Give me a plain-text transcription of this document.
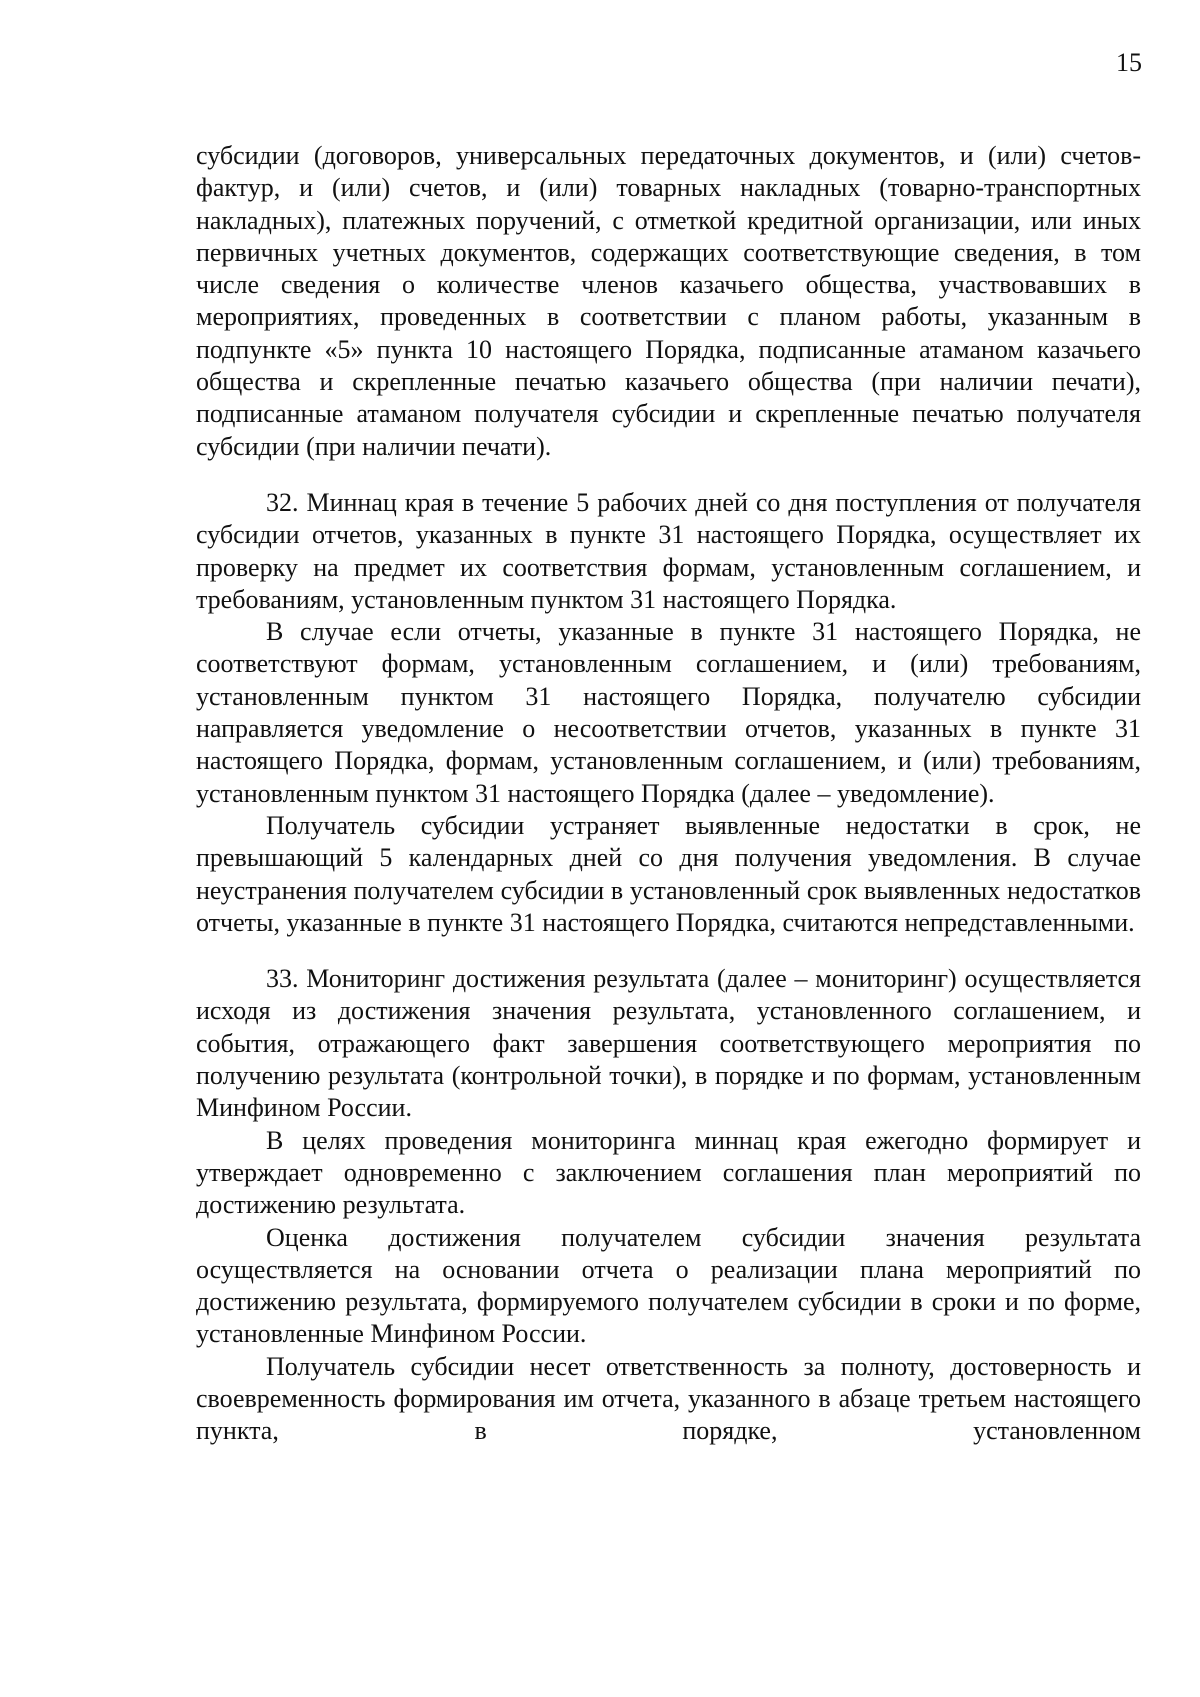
15

субсидии (договоров, универсальных передаточных документов, и (или) счетов-фактур, и (или) счетов, и (или) товарных накладных (товарно-транспортных накладных), платежных поручений, с отметкой кредитной организации, или иных первичных учетных документов, содержащих соответствующие сведения, в том числе сведения о количестве членов казачьего общества, участвовавших в мероприятиях, проведенных в соответствии с планом работы, указанным в подпункте «5» пункта 10 настоящего Порядка, подписанные атаманом казачьего общества и скрепленные печатью казачьего общества (при наличии печати), подписанные атаманом получателя субсидии и скрепленные печатью получателя субсидии (при наличии печати).

32. Миннац края в течение 5 рабочих дней со дня поступления от получателя субсидии отчетов, указанных в пункте 31 настоящего Порядка, осуществляет их проверку на предмет их соответствия формам, установленным соглашением, и требованиям, установленным пунктом 31 настоящего Порядка.

В случае если отчеты, указанные в пункте 31 настоящего Порядка, не соответствуют формам, установленным соглашением, и (или) требованиям, установленным пунктом 31 настоящего Порядка, получателю субсидии направляется уведомление о несоответствии отчетов, указанных в пункте 31 настоящего Порядка, формам, установленным соглашением, и (или) требованиям, установленным пунктом 31 настоящего Порядка (далее – уведомление).

Получатель субсидии устраняет выявленные недостатки в срок, не превышающий 5 календарных дней со дня получения уведомления. В случае неустранения получателем субсидии в установленный срок выявленных недостатков отчеты, указанные в пункте 31 настоящего Порядка, считаются непредставленными.

33. Мониторинг достижения результата (далее – мониторинг) осуществляется исходя из достижения значения результата, установленного соглашением, и события, отражающего факт завершения соответствующего мероприятия по получению результата (контрольной точки), в порядке и по формам, установленным Минфином России.

В целях проведения мониторинга миннац края ежегодно формирует и утверждает одновременно с заключением соглашения план мероприятий по достижению результата.

Оценка достижения получателем субсидии значения результата осуществляется на основании отчета о реализации плана мероприятий по достижению результата, формируемого получателем субсидии в сроки и по форме, установленные Минфином России.

Получатель субсидии несет ответственность за полноту, достоверность и своевременность формирования им отчета, указанного в абзаце третьем настоящего пункта, в порядке, установленном
